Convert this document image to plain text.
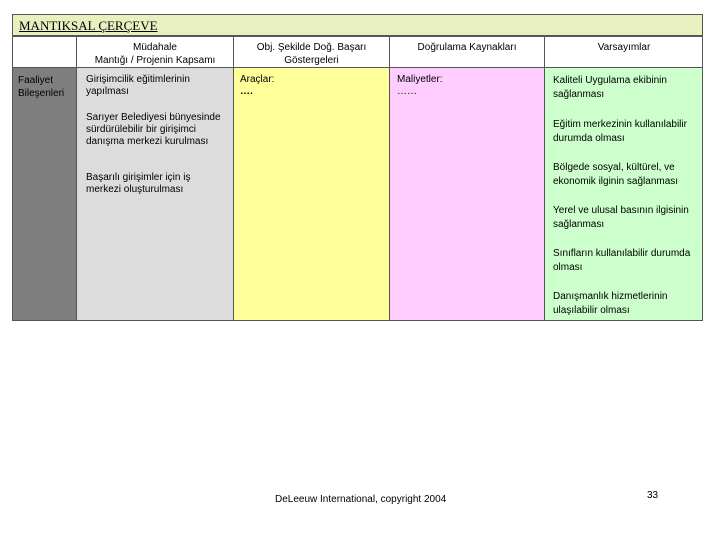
MANTIKSAL ÇERÇEVE
Müdahale
Mantığı / Projenin Kapsamı
Obj. Şekilde Doğ. Başarı
Göstergeleri
Doğrulama Kaynakları	Varsayımlar
Faaliyet
Bileşenleri
Girişimcilik eğitimlerinin yapılması
Sarıyer Belediyesi bünyesinde sürdürülebilir bir girişimci danışma merkezi kurulması
Başarılı girişimler için iş merkezi oluşturulması
Araçlar:
….
Maliyetler:
……
Kaliteli Uygulama ekibinin sağlanması
Eğitim merkezinin kullanılabilir durumda olması
Bölgede sosyal, kültürel, ve ekonomik ilginin sağlanması
Yerel ve ulusal basının ilgisinin sağlanması
Sınıfların kullanılabilir durumda olması
Danışmanlık hizmetlerinin ulaşılabilir olması
DeLeeuw International, copyright 2004	33
